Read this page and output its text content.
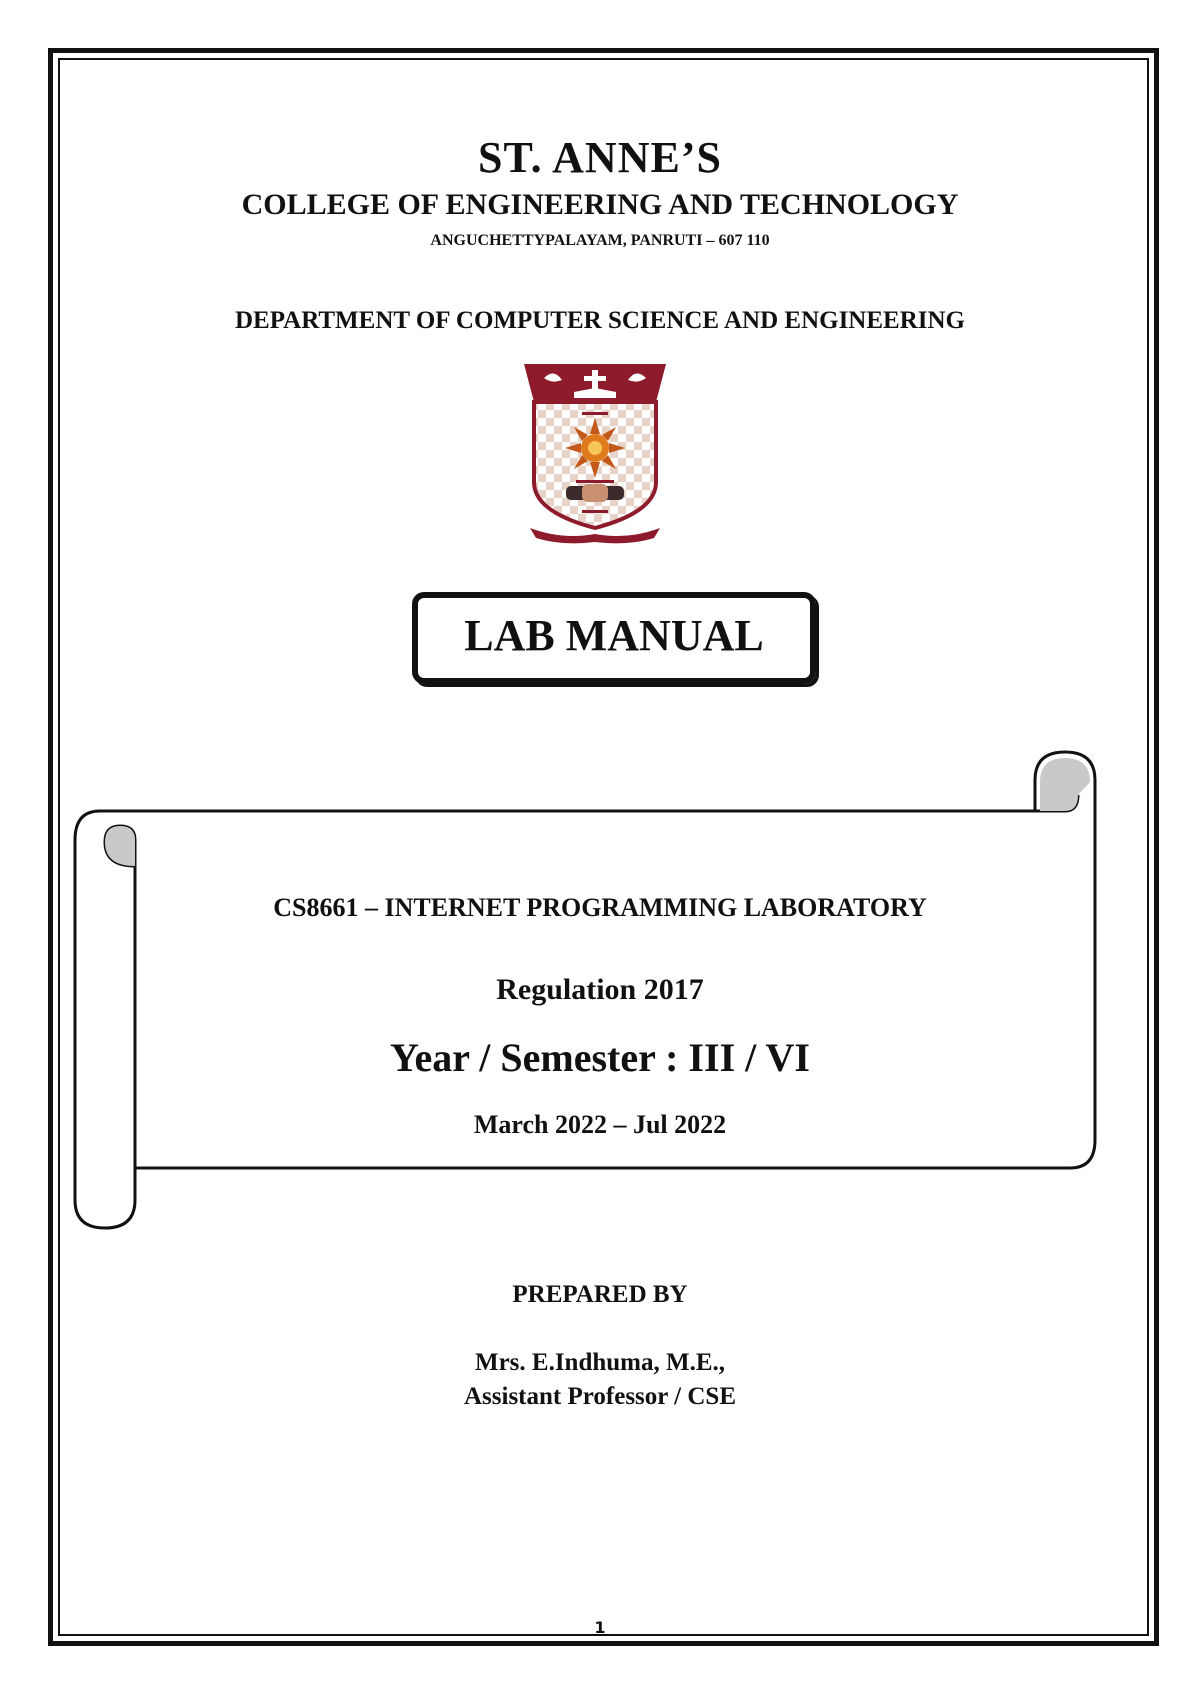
ST. ANNE’S
COLLEGE OF ENGINEERING AND TECHNOLOGY
ANGUCHETTYPALAYAM, PANRUTI – 607 110
DEPARTMENT OF COMPUTER SCIENCE AND ENGINEERING
LAB MANUAL
CS8661 – INTERNET PROGRAMMING LABORATORY
Regulation 2017
Year / Semester : III / VI
March 2022 – Jul 2022
PREPARED BY
Mrs. E.Indhuma, M.E.,
Assistant Professor / CSE
1
